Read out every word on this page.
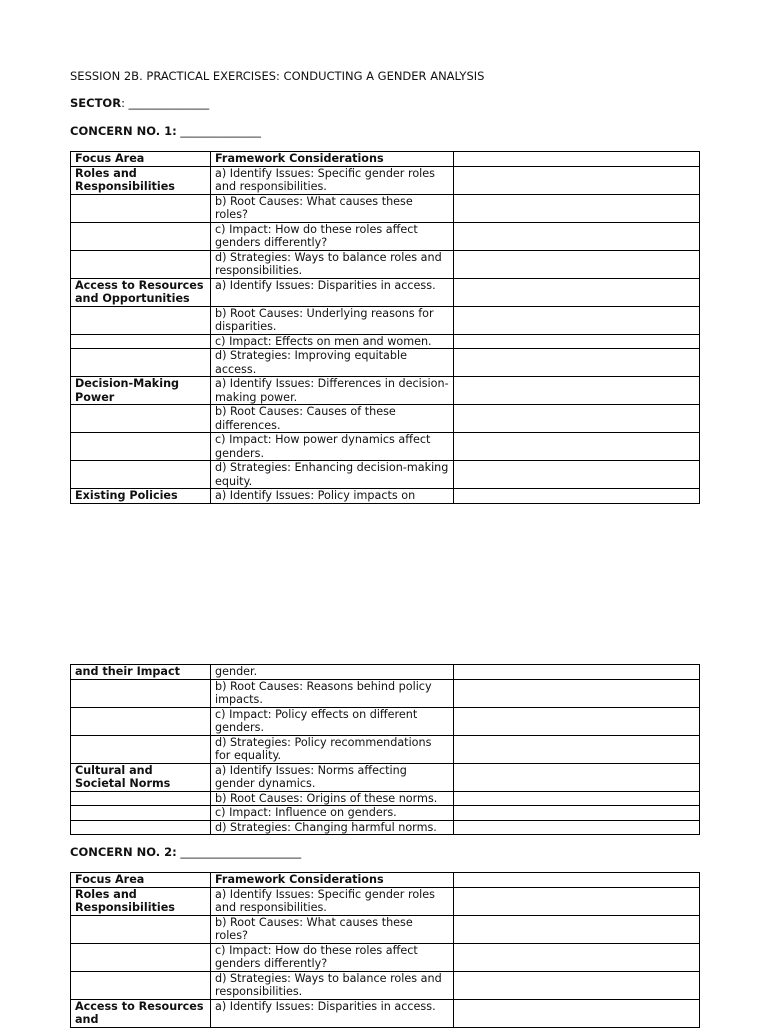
SESSION 2B. PRACTICAL EXERCISES: CONDUCTING A GENDER ANALYSIS
SECTOR: ______________
CONCERN NO. 1: ______________
Focus Area	Framework Considerations	
Roles and Responsibilities	a) Identify Issues: Specific gender roles and responsibilities.	
	b) Root Causes: What causes these roles?	
	c) Impact: How do these roles affect genders differently?	
	d) Strategies: Ways to balance roles and responsibilities.	
Access to Resources and Opportunities	a) Identify Issues: Disparities in access.	
	b) Root Causes: Underlying reasons for disparities.	
	c) Impact: Effects on men and women.	
	d) Strategies: Improving equitable access.	
Decision-Making Power	a) Identify Issues: Differences in decision-making power.	
	b) Root Causes: Causes of these differences.	
	c) Impact: How power dynamics affect genders.	
	d) Strategies: Enhancing decision-making equity.	
Existing Policies	a) Identify Issues: Policy impacts on	
and their Impact	gender.	
	b) Root Causes: Reasons behind policy impacts.	
	c) Impact: Policy effects on different genders.	
	d) Strategies: Policy recommendations for equality.	
Cultural and Societal Norms	a) Identify Issues: Norms affecting gender dynamics.	
	b) Root Causes: Origins of these norms.	
	c) Impact: Influence on genders.	
	d) Strategies: Changing harmful norms.	
CONCERN NO. 2: _____________________
Focus Area	Framework Considerations	
Roles and Responsibilities	a) Identify Issues: Specific gender roles and responsibilities.	
	b) Root Causes: What causes these roles?	
	c) Impact: How do these roles affect genders differently?	
	d) Strategies: Ways to balance roles and responsibilities.	
Access to Resources and	a) Identify Issues: Disparities in access.	
